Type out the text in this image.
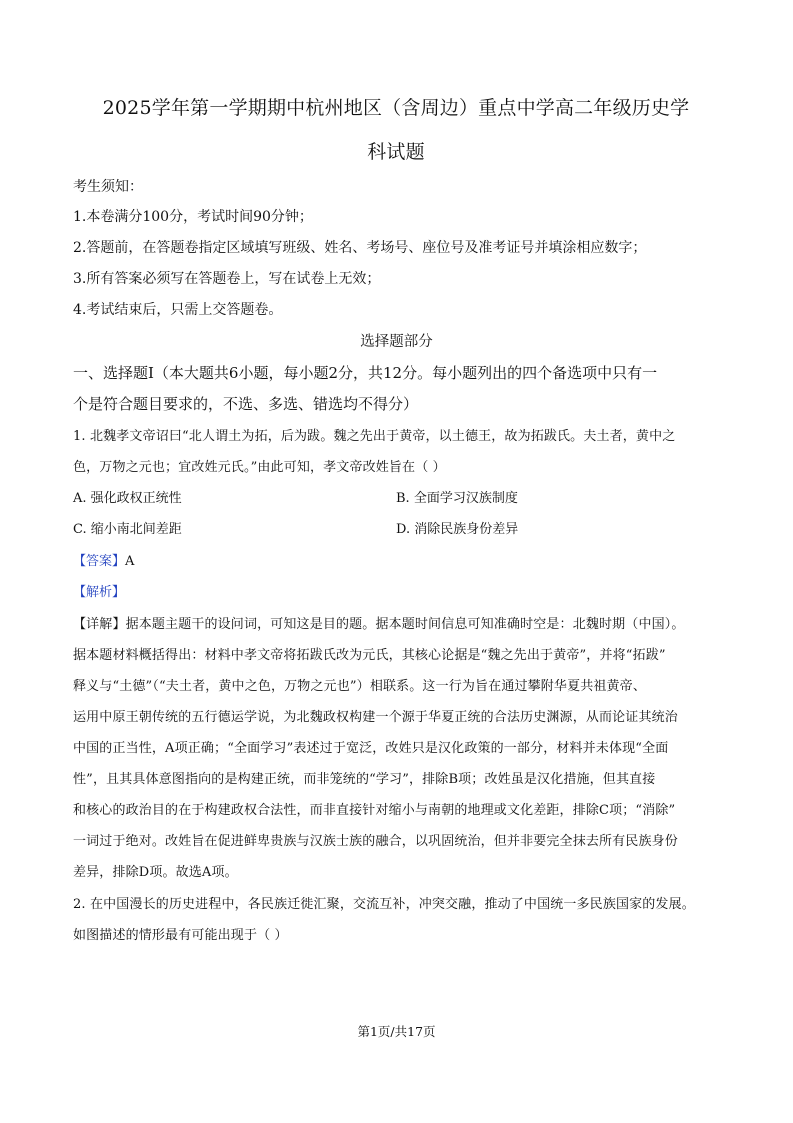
2025学年第一学期期中杭州地区（含周边）重点中学高二年级历史学
科试题
考生须知：
1.本卷满分100分，考试时间90分钟；
2.答题前，在答题卷指定区域填写班级、姓名、考场号、座位号及准考证号并填涂相应数字；
3.所有答案必须写在答题卷上，写在试卷上无效；
4.考试结束后，只需上交答题卷。
选择题部分
一、选择题Ⅰ（本大题共6小题，每小题2分，共12分。每小题列出的四个备选项中只有一
个是符合题目要求的，不选、多选、错选均不得分）
1. 北魏孝文帝诏曰“北人谓土为拓，后为跋。魏之先出于黄帝，以土德王，故为拓跋氏。夫土者，黄中之
色，万物之元也；宜改姓元氏。”由此可知，孝文帝改姓旨在（ ）
A. 强化政权正统性	B. 全面学习汉族制度
C. 缩小南北间差距	D. 消除民族身份差异
【答案】A
【解析】
【详解】据本题主题干的设问词，可知这是目的题。据本题时间信息可知准确时空是：北魏时期（中国）。
据本题材料概括得出：材料中孝文帝将拓跋氏改为元氏，其核心论据是“魏之先出于黄帝”，并将“拓跋”
释义与“土德”（“夫土者，黄中之色，万物之元也”）相联系。这一行为旨在通过攀附华夏共祖黄帝、
运用中原王朝传统的五行德运学说，为北魏政权构建一个源于华夏正统的合法历史渊源，从而论证其统治
中国的正当性，A项正确；“全面学习”表述过于宽泛，改姓只是汉化政策的一部分，材料并未体现“全面
性”，且其具体意图指向的是构建正统，而非笼统的“学习”，排除B项；改姓虽是汉化措施，但其直接
和核心的政治目的在于构建政权合法性，而非直接针对缩小与南朝的地理或文化差距，排除C项；“消除”
一词过于绝对。改姓旨在促进鲜卑贵族与汉族士族的融合，以巩固统治，但并非要完全抹去所有民族身份
差异，排除D项。故选A项。
2. 在中国漫长的历史进程中，各民族迁徙汇聚，交流互补，冲突交融，推动了中国统一多民族国家的发展。
如图描述的情形最有可能出现于（ ）
第1页/共17页
